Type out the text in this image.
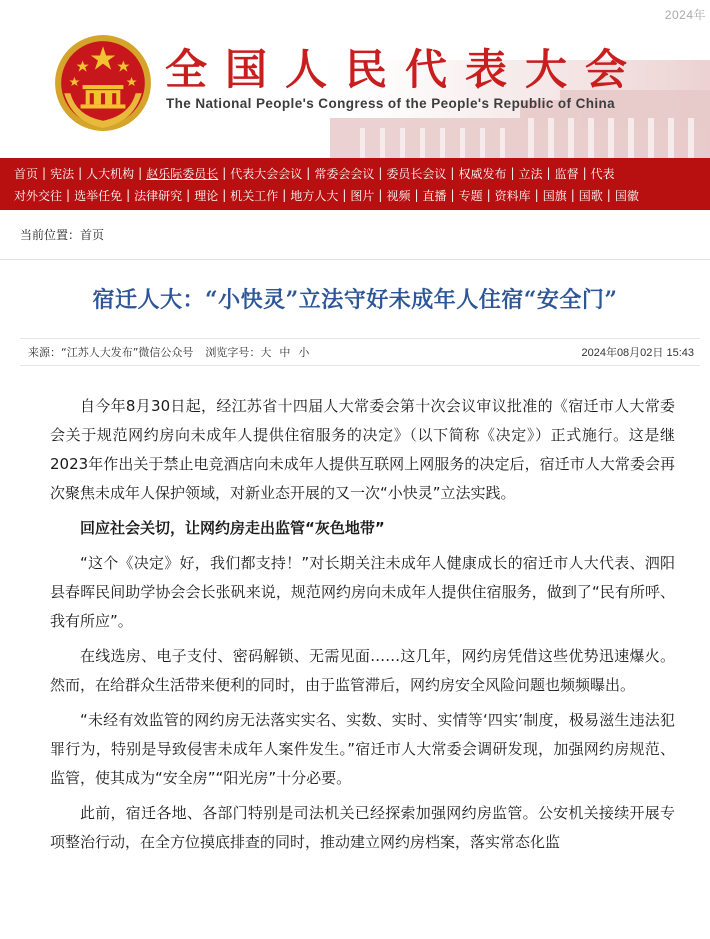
2024年
全国人民代表大会
The National People's Congress of the People's Republic of China
首页 | 宪法 | 人大机构 | 赵乐际委员长 | 代表大会会议 | 常委会会议 | 委员长会议 | 权威发布 | 立法 | 监督 | 代表
对外交往 | 选举任免 | 法律研究 | 理论 | 机关工作 | 地方人大 | 图片 | 视频 | 直播 | 专题 | 资料库 | 国旗 | 国歌 | 国徽
当前位置： 首页
宿迁人大：“小快灵”立法守好未成年人住宿“安全门”
来源： “江苏人大发布”微信公众号 浏览字号： 大 中 小	2024年08月02日 15:43

自今年8月30日起，经江苏省十四届人大常委会第十次会议审议批准的《宿迁市人大常委会关于规范网约房向未成年人提供住宿服务的决定》（以下简称《决定》）正式施行。这是继2023年作出关于禁止电竞酒店向未成年人提供互联网上网服务的决定后，宿迁市人大常委会再次聚焦未成年人保护领域，对新业态开展的又一次“小快灵”立法实践。

回应社会关切，让网约房走出监管“灰色地带”

“这个《决定》好，我们都支持！”对长期关注未成年人健康成长的宿迁市人大代表、泗阳县春晖民间助学协会会长张矾来说，规范网约房向未成年人提供住宿服务，做到了“民有所呼、我有所应”。

在线选房、电子支付、密码解锁、无需见面……这几年，网约房凭借这些优势迅速爆火。然而，在给群众生活带来便利的同时，由于监管滞后，网约房安全风险问题也频频曝出。

“未经有效监管的网约房无法落实实名、实数、实时、实情等‘四实’制度，极易滋生违法犯罪行为，特别是导致侵害未成年人案件发生。”宿迁市人大常委会调研发现，加强网约房规范、监管，使其成为“安全房”“阳光房”十分必要。

此前，宿迁各地、各部门特别是司法机关已经探索加强网约房监管。公安机关接续开展专项整治行动，在全方位摸底排查的同时，推动建立网约房档案，落实常态化监
